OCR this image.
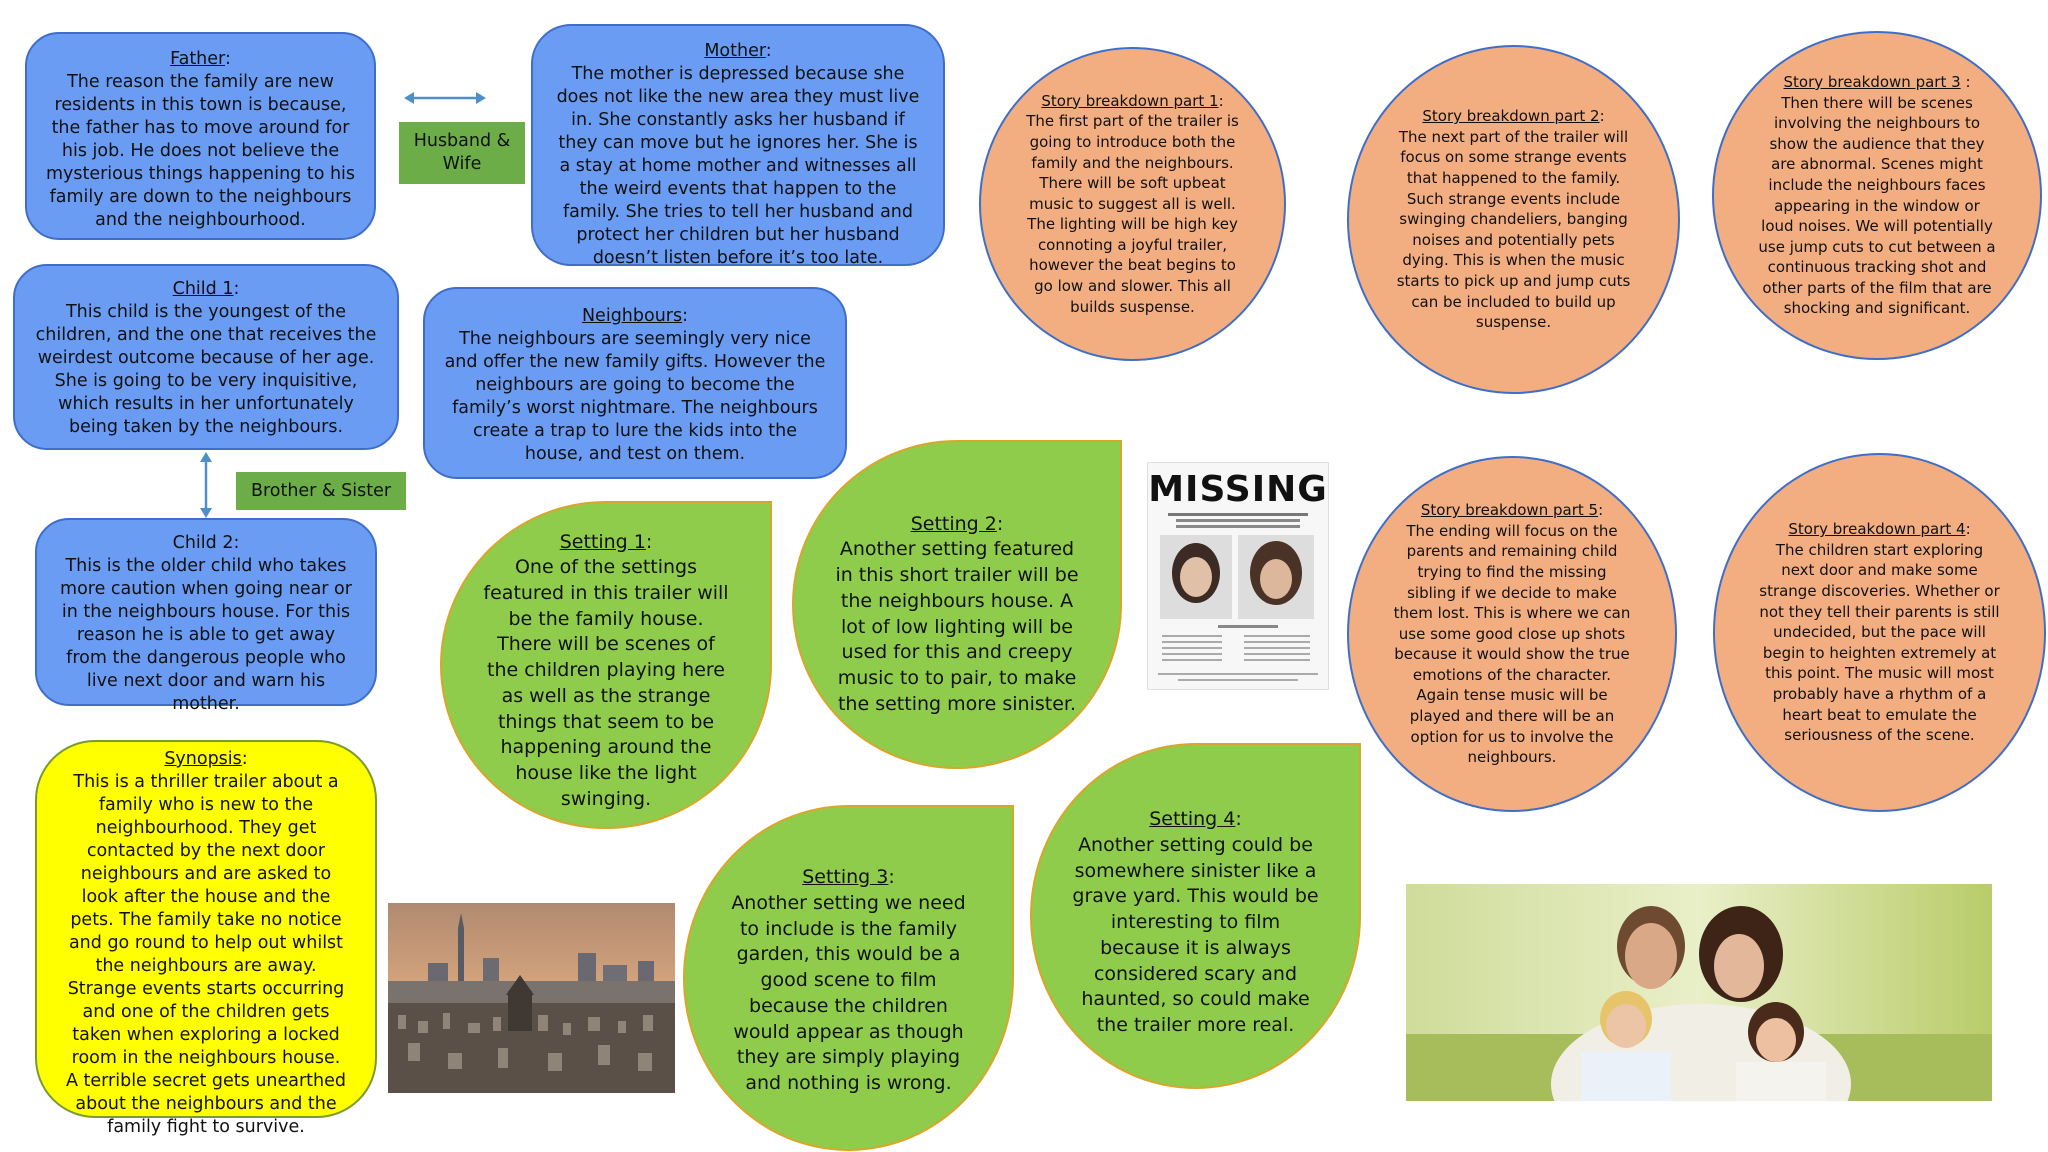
Father:
The reason the family are new residents in this town is because, the father has to move around for his job. He does not believe the mysterious things happening to his family are down to the neighbours and the neighbourhood.
Husband & Wife
Mother:
The mother is depressed because she does not like the new area they must live in. She constantly asks her husband if they can move but he ignores her. She is a stay at home mother and witnesses all the weird events that happen to the family. She tries to tell her husband and protect her children but her husband doesn’t listen before it’s too late.
Child 1:
This child is the youngest of the children, and the one that receives the weirdest outcome because of her age. She is going to be very inquisitive, which results in her unfortunately being taken by the neighbours.
Neighbours:
The neighbours are seemingly very nice and offer the new family gifts. However the neighbours are going to become the family’s worst nightmare. The neighbours create a trap to lure the kids into the house, and test on them.
Brother & Sister
Child 2:
This is the older child who takes more caution when going near or in the neighbours house. For this reason he is able to get away from the dangerous people who live next door and warn his mother.
Synopsis:
This is a thriller trailer about a family who is new to the neighbourhood. They get contacted by the next door neighbours and are asked to look after the house and the pets. The family take no notice and go round to help out whilst the neighbours are away. Strange events starts occurring and one of the children gets taken when exploring a locked room in the neighbours house. A terrible secret gets unearthed about the neighbours and the family fight to survive.
Setting 1:
One of the settings featured in this trailer will be the family house. There will be scenes of the children playing here as well as the strange things that seem to be happening around the house like the light swinging.
Setting 2:
Another setting featured in this short trailer will be the neighbours house. A lot of low lighting will be used for this and creepy music to to pair, to make the setting more sinister.
Setting 3:
Another setting we need to include is the family garden, this would be a good scene to film because the children would appear as though they are simply playing and nothing is wrong.
Setting 4:
Another setting could be somewhere sinister like a grave yard. This would be interesting to film because it is always considered scary and haunted, so could make the trailer more real.
MISSING
Story breakdown part 1:
The first part of the trailer is going to introduce both the family and the neighbours. There will be soft upbeat music to suggest all is well. The lighting will be high key connoting a joyful trailer, however the beat begins to go low and slower. This all builds suspense.
Story breakdown part 2:
The next part of the trailer will focus on some strange events that happened to the family. Such strange events include swinging chandeliers, banging noises and potentially pets dying. This is when the music starts to pick up and jump cuts can be included to build up suspense.
Story breakdown part 3 :
Then there will be scenes involving the neighbours to show the audience that they are abnormal. Scenes might include the neighbours faces appearing in the window or loud noises. We will potentially use jump cuts to cut between a continuous tracking shot and other parts of the film that are shocking and significant.
Story breakdown part 5:
The ending will focus on the parents and remaining child trying to find the missing sibling if we decide to make them lost. This is where we can use some good close up shots because it would show the true emotions of the character. Again tense music will be played and there will be an option for us to involve the neighbours.
Story breakdown part 4:
The children start exploring next door and make some strange discoveries. Whether or not they tell their parents is still undecided, but the pace will begin to heighten extremely at this point. The music will most probably have a rhythm of a heart beat to emulate the seriousness of the scene.
